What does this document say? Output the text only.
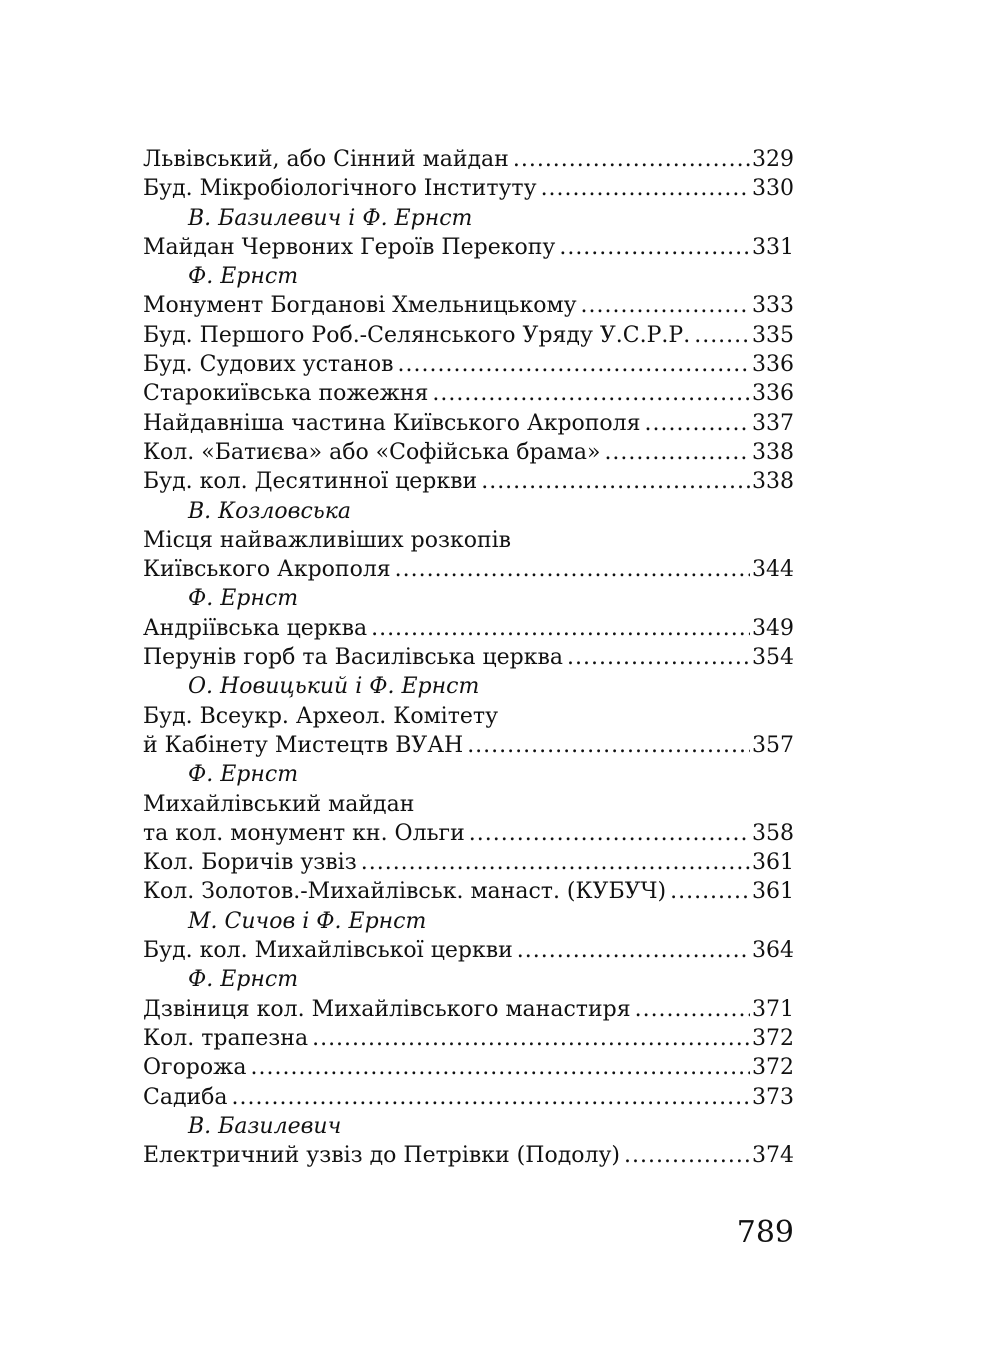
Львівський, або Сінний майдан .....	329
Буд. Мікробіологічного Інституту .....	330
В. Базилевич і Ф. Ернст
Майдан Червоних Героїв Перекопу .....	331
Ф. Ернст
Монумент Богданові Хмельницькому .....	333
Буд. Першого Роб.-Селянського Уряду У.С.Р.Р. .....	335
Буд. Судових установ .....	336
Старокиївська пожежня .....	336
Найдавніша частина Київського Акрополя .....	337
Кол. «Батиєва» або «Софійська брама» .....	338
Буд. кол. Десятинної церкви .....	338
В. Козловська
Місця найважливіших розкопів
Київського Акрополя .....	344
Ф. Ернст
Андріївська церква .....	349
Перунів горб та Василівська церква .....	354
О. Новицький і Ф. Ернст
Буд. Всеукр. Археол. Комітету
й Кабінету Мистецтв ВУАН .....	357
Ф. Ернст
Михайлівський майдан
та кол. монумент кн. Ольги .....	358
Кол. Боричів узвіз .....	361
Кол. Золотов.-Михайлівськ. манаст. (КУБУЧ) .....	361
М. Сичов і Ф. Ернст
Буд. кол. Михайлівської церкви .....	364
Ф. Ернст
Дзвіниця кол. Михайлівського манастиря .....	371
Кол. трапезна .....	372
Огорожа .....	372
Садиба .....	373
В. Базилевич
Електричний узвіз до Петрівки (Подолу) .....	374
789
